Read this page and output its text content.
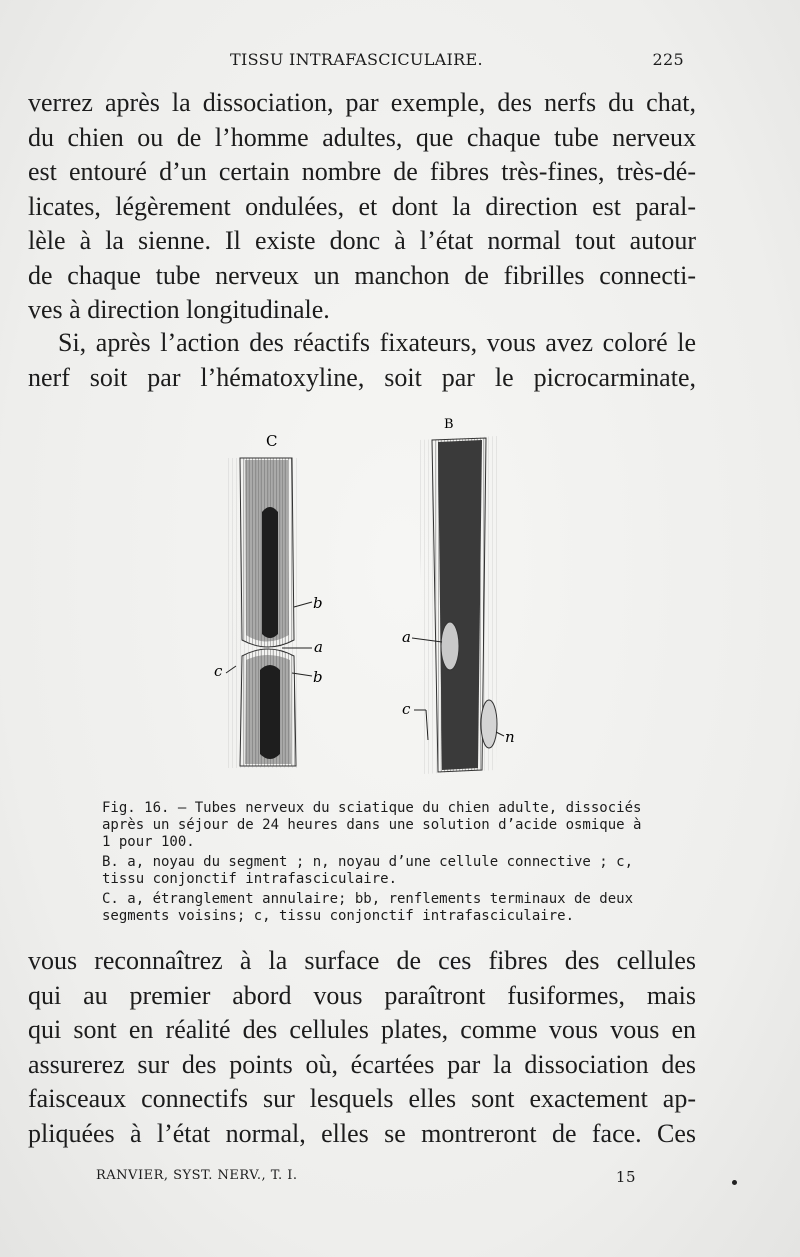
TISSU INTRAFASCICULAIRE.	225
verrez après la dissociation, par exemple, des nerfs du chat,
du chien ou de l’homme adultes, que chaque tube nerveux
est entouré d’un certain nombre de fibres très-fines, très-dé-
licates, légèrement ondulées, et dont la direction est paral-
lèle à la sienne. Il existe donc à l’état normal tout autour
de chaque tube nerveux un manchon de fibrilles connecti-
ves à direction longitudinale.
Si, après l’action des réactifs fixateurs, vous avez coloré le
nerf soit par l’hématoxyline, soit par le picrocarminate,
C
B
b
a
c	b
a
c
n

Fig. 16. — Tubes nerveux du sciatique du chien adulte, dissociés après un séjour de 24 heures dans une solution d’acide osmique à 1 pour 100.

B. a, noyau du segment ; n, noyau d’une cellule connective ; c, tissu conjonctif intrafasciculaire.

C. a, étranglement annulaire; bb, renflements terminaux de deux segments voisins; c, tissu conjonctif intrafasciculaire.

vous reconnaîtrez à la surface de ces fibres des cellules
qui au premier abord vous paraîtront fusiformes, mais
qui sont en réalité des cellules plates, comme vous vous en
assurerez sur des points où, écartées par la dissociation des
faisceaux connectifs sur lesquels elles sont exactement ap-
pliquées à l’état normal, elles se montreront de face. Ces
RANVIER, SYST. NERV., T. I.	15
